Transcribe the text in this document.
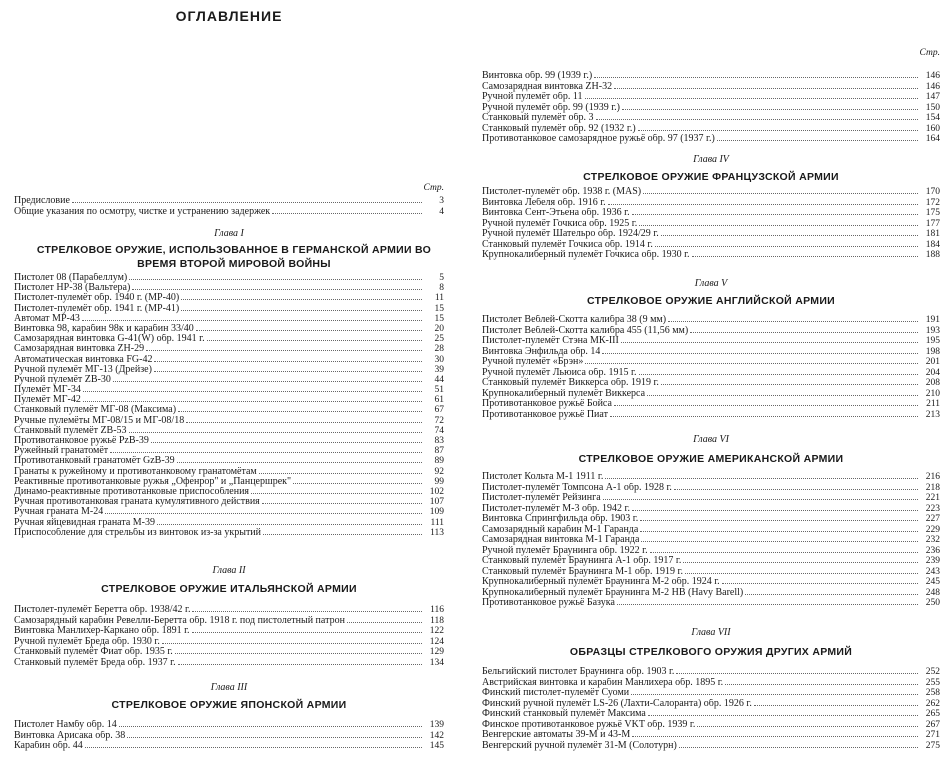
ОГЛАВЛЕНИЕ
Стр.
Предисловие	3
Общие указания по осмотру, чистке и устранению задержек	4
Глава I
СТРЕЛКОВОЕ ОРУЖИЕ, ИСПОЛЬЗОВАННОЕ В ГЕРМАНСКОЙ АРМИИ ВО ВРЕМЯ ВТОРОЙ МИРОВОЙ ВОЙНЫ
Пистолет 08 (Парабеллум)	5
Пистолет НР-38 (Вальтера)	8
Пистолет-пулемёт обр. 1940 г. (МР-40)	11
Пистолет-пулемёт обр. 1941 г. (МР-41)	15
Автомат МР-43	15
Винтовка 98, карабин 98к и карабин 33/40	20
Самозарядная винтовка G-41(W) обр. 1941 г.	25
Самозарядная винтовка ZH-29	28
Автоматическая винтовка FG-42	30
Ручной пулемёт МГ-13 (Дрейзе)	39
Ручной пулемёт ZB-30	44
Пулемёт МГ-34	51
Пулемёт МГ-42	61
Станковый пулемёт МГ-08 (Максима)	67
Ручные пулемёты МГ-08/15 и МГ-08/18	72
Станковый пулемёт ZB-53	74
Противотанковое ружьё PzB-39	83
Ружейный гранатомёт	87
Противотанковый гранатомёт GzB-39	89
Гранаты к ружейному и противотанковому гранатомётам	92
Реактивные противотанковые ружья „Офенрор" и „Панцершрек"	99
Динамо-реактивные противотанковые приспособления	102
Ручная противотанковая граната кумулятивного действия	107
Ручная граната М-24	109
Ручная яйцевидная граната М-39	111
Приспособление для стрельбы из винтовок из-за укрытий	113
Глава II
СТРЕЛКОВОЕ ОРУЖИЕ ИТАЛЬЯНСКОЙ АРМИИ
Пистолет-пулемёт Беретта обр. 1938/42 г.	116
Самозарядный карабин Ревелли-Беретта обр. 1918 г. под пистолетный патрон	118
Винтовка Манлихер-Каркано обр. 1891 г.	122
Ручной пулемёт Бреда обр. 1930 г.	124
Станковый пулемёт Фиат обр. 1935 г.	129
Станковый пулемёт Бреда обр. 1937 г.	134
Глава III
СТРЕЛКОВОЕ ОРУЖИЕ ЯПОНСКОЙ АРМИИ
Пистолет Намбу обр. 14	139
Винтовка Арисака обр. 38	142
Карабин обр. 44	145
Стр.
Винтовка обр. 99 (1939 г.)	146
Самозарядная винтовка ZH-32	146
Ручной пулемёт обр. 11	147
Ручной пулемёт обр. 99 (1939 г.)	150
Станковый пулемёт обр. 3	154
Станковый пулемёт обр. 92 (1932 г.)	160
Противотанковое самозарядное ружьё обр. 97 (1937 г.)	164
Глава IV
СТРЕЛКОВОЕ ОРУЖИЕ ФРАНЦУЗСКОЙ АРМИИ
Пистолет-пулемёт обр. 1938 г. (MAS)	170
Винтовка Лебеля обр. 1916 г.	172
Винтовка Сент-Этьена обр. 1936 г.	175
Ручной пулемёт Гочкиса обр. 1925 г.	177
Ручной пулемёт Шательро обр. 1924/29 г.	181
Станковый пулемёт Гочкиса обр. 1914 г.	184
Крупнокалиберный пулемёт Гочкиса обр. 1930 г.	188
Глава V
СТРЕЛКОВОЕ ОРУЖИЕ АНГЛИЙСКОЙ АРМИИ
Пистолет Веблей-Скотта калибра 38 (9 мм)	191
Пистолет Веблей-Скотта калибра 455 (11,56 мм)	193
Пистолет-пулемёт Стэна МК-III	195
Винтовка Энфильда обр. 14	198
Ручной пулемёт «Брэн»	201
Ручной пулемёт Льюиса обр. 1915 г.	204
Станковый пулемёт Виккерса обр. 1919 г.	208
Крупнокалиберный пулемёт Виккерса	210
Противотанковое ружьё Бойса	211
Противотанковое ружьё Пиат	213
Глава VI
СТРЕЛКОВОЕ ОРУЖИЕ АМЕРИКАНСКОЙ АРМИИ
Пистолет Кольта М-1 1911 г.	216
Пистолет-пулемёт Томпсона А-1 обр. 1928 г.	218
Пистолет-пулемёт Рейзинга	221
Пистолет-пулемёт М-3 обр. 1942 г.	223
Винтовка Спрингфильда обр. 1903 г.	227
Самозарядный карабин М-1 Гаранда	229
Самозарядная винтовка М-1 Гаранда	232
Ручной пулемёт Браунинга обр. 1922 г.	236
Станковый пулемёт Браунинга А-1 обр. 1917 г.	239
Станковый пулемёт Браунинга М-1 обр. 1919 г.	243
Крупнокалиберный пулемёт Браунинга М-2 обр. 1924 г.	245
Крупнокалиберный пулемёт Браунинга М-2 НВ (Havy Barell)	248
Противотанковое ружьё Базука	250
Глава VII
ОБРАЗЦЫ СТРЕЛКОВОГО ОРУЖИЯ ДРУГИХ АРМИЙ
Бельгийский пистолет Браунинга обр. 1903 г.	252
Австрийская винтовка и карабин Манлихера обр. 1895 г.	255
Финский пистолет-пулемёт Суоми	258
Финский ручной пулемёт LS-26 (Лахти-Салоранта) обр. 1926 г.	262
Финский станковый пулемёт Максима	265
Финское противотанковое ружьё VKT обр. 1939 г.	267
Венгерские автоматы 39-М и 43-М	271
Венгерский ручной пулемёт 31-М (Солотурн)	275
